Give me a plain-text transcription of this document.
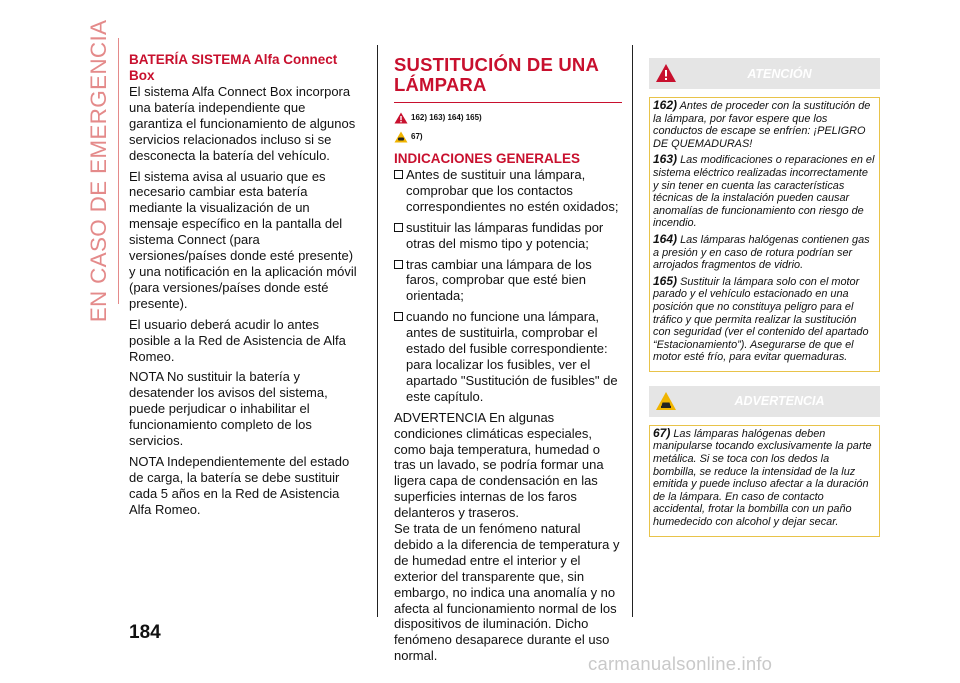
EN CASO DE EMERGENCIA BATERÍA SISTEMA Alfa Connect Box

El sistema Alfa Connect Box incorpora una batería independiente que garantiza el funcionamiento de algunos servicios relacionados incluso si se desconecta la batería del vehículo.

El sistema avisa al usuario que es necesario cambiar esta batería mediante la visualización de un mensaje específico en la pantalla del sistema Connect (para versiones/países donde esté presente) y una notificación en la aplicación móvil (para versiones/países donde esté presente).

El usuario deberá acudir lo antes posible a la Red de Asistencia de Alfa Romeo.

NOTA No sustituir la batería y desatender los avisos del sistema, puede perjudicar o inhabilitar el funcionamiento completo de los servicios.

NOTA Independientemente del estado de carga, la batería se debe sustituir cada 5 años en la Red de Asistencia Alfa Romeo.

SUSTITUCIÓN DE UNA
LÁMPARA
162) 163) 164) 165)
67)
INDICACIONES GENERALES

Antes de sustituir una lámpara, comprobar que los contactos correspondientes no estén oxidados;

sustituir las lámparas fundidas por otras del mismo tipo y potencia;

tras cambiar una lámpara de los faros, comprobar que esté bien orientada;

cuando no funcione una lámpara, antes de sustituirla, comprobar el estado del fusible correspondiente: para localizar los fusibles, ver el apartado "Sustitución de fusibles" de este capítulo.

ADVERTENCIA En algunas condiciones climáticas especiales, como baja temperatura, humedad o tras un lavado, se podría formar una ligera capa de condensación en las superficies internas de los faros delanteros y traseros.

Se trata de un fenómeno natural debido a la diferencia de temperatura y de humedad entre el interior y el exterior del transparente que, sin embargo, no indica una anomalía y no afecta al funcionamiento normal de los dispositivos de iluminación. Dicho fenómeno desaparece durante el uso normal.

ATENCIÓN

162) Antes de proceder con la sustitución de la lámpara, por favor espere que los conductos de escape se enfríen: ¡PELIGRO DE QUEMADURAS!

163) Las modificaciones o reparaciones en el sistema eléctrico realizadas incorrectamente y sin tener en cuenta las características técnicas de la instalación pueden causar anomalías de funcionamiento con riesgo de incendio.

164) Las lámparas halógenas contienen gas a presión y en caso de rotura podrían ser arrojados fragmentos de vidrio.

165) Sustituir la lámpara solo con el motor parado y el vehículo estacionado en una posición que no constituya peligro para el tráfico y que permita realizar la sustitución con seguridad (ver el contenido del apartado “Estacionamiento”). Asegurarse de que el motor esté frío, para evitar quemaduras.

ADVERTENCIA

67) Las lámparas halógenas deben manipularse tocando exclusivamente la parte metálica. Si se toca con los dedos la bombilla, se reduce la intensidad de la luz emitida y puede incluso afectar a la duración de la lámpara. En caso de contacto accidental, frotar la bombilla con un paño humedecido con alcohol y dejar secar.

184
carmanualsonline.info
